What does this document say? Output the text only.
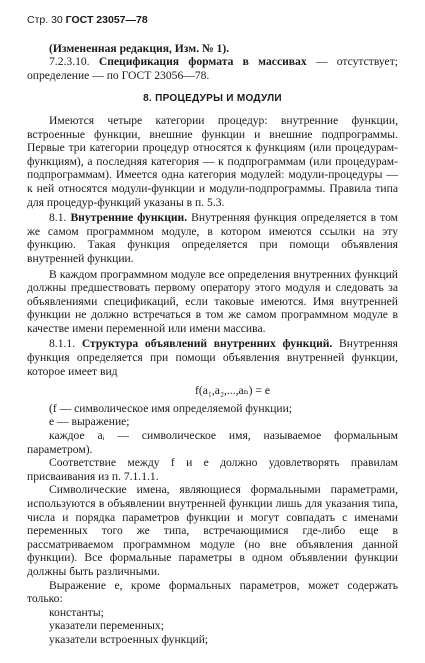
Стр. 30 ГОСТ 23057—78

(Измененная редакция, Изм. № 1).

7.2.3.10. Спецификация формата в массивах — отсутствует; определение — по ГОСТ 23056—78.

8. ПРОЦЕДУРЫ И МОДУЛИ

Имеются четыре категории процедур: внутренние функции, встроенные функции, внешние функции и внешние подпрограммы. Первые три категории процедур относятся к функциям (или процедурам-функциям), а последняя категория — к подпрограммам (или процедурам-подпрограммам). Имеется одна категория модулей: модули-процедуры — к ней относятся модули-функции и модули-подпрограммы. Правила типа для процедур-функций указаны в п. 5.3.

8.1. Внутренние функции. Внутренняя функция определяется в том же самом программном модуле, в котором имеются ссылки на эту функцию. Такая функция определяется при помощи объявления внутренней функции.

В каждом программном модуле все определения внутренних функций должны предшествовать первому оператору этого модуля и следовать за объявлениями спецификаций, если таковые имеются. Имя внутренней функции не должно встречаться в том же самом программном модуле в качестве имени переменной или имени массива.

8.1.1. Структура объявлений внутренних функций. Внутренняя функция определяется при помощи объявления внутренней функции, которое имеет вид

f(a₁,a₂,...,aₙ) = e

(f — символическое имя определяемой функции;

e — выражение;

каждое aᵢ — символическое имя, называемое формальным параметром).

Соответствие между f и e должно удовлетворять правилам присваивания из п. 7.1.1.1.

Символические имена, являющиеся формальными параметрами, используются в объявлении внутренней функции лишь для указания типа, числа и порядка параметров функции и могут совпадать с именами переменных того же типа, встречающимися где-либо еще в рассматриваемом программном модуле (но вне объявления данной функции). Все формальные параметры в одном объявлении функции должны быть различными.

Выражение e, кроме формальных параметров, может содержать только:

константы;

указатели переменных;

указатели встроенных функций;
